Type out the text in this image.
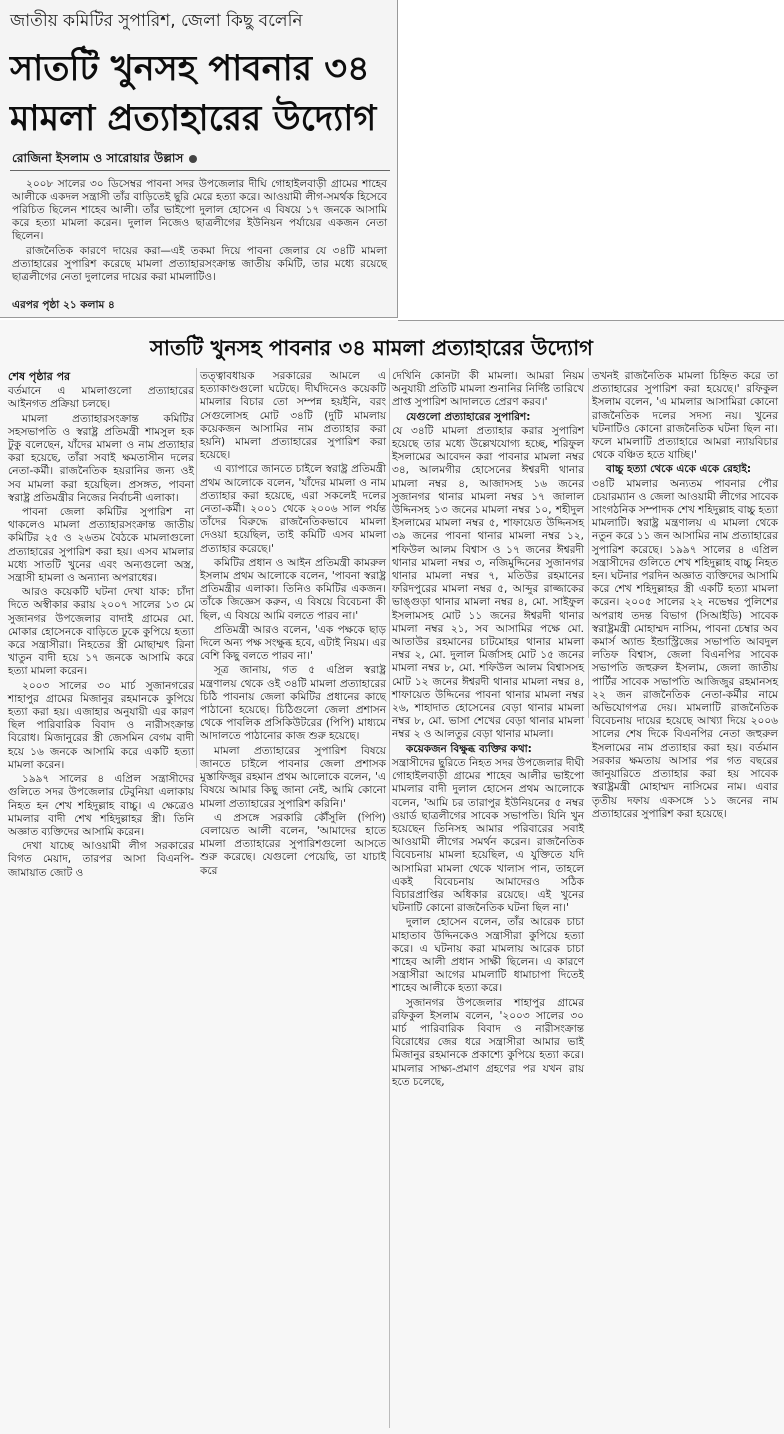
জাতীয় কমিটির সুপারিশ, জেলা কিছু বলেনি
সাতটি খুনসহ পাবনার ৩৪
মামলা প্রত্যাহারের উদ্যোগ
রোজিনা ইসলাম ও সারোয়ার উল্লাস

২০০৮ সালের ৩০ ডিসেম্বর পাবনা সদর উপজেলার দীঘি গোহাইলবাড়ী গ্রামের শাহেব আলীকে একদল সন্ত্রাসী তাঁর বাড়িতেই ছুরি মেরে হত্যা করে। আওয়ামী লীগ-সমর্থক হিসেবে পরিচিত ছিলেন শাহেব আলী। তাঁর ভাইপো দুলাল হোসেন এ বিষয়ে ১৭ জনকে আসামি করে হত্যা মামলা করেন। দুলাল নিজেও ছাত্রলীগের ইউনিয়ন পর্যায়ের একজন নেতা ছিলেন।

রাজনৈতিক কারণে দায়ের করা—এই তকমা দিয়ে পাবনা জেলার যে ৩৪টি মামলা প্রত্যাহারের সুপারিশ করেছে মামলা প্রত্যাহারসংক্রান্ত জাতীয় কমিটি, তার মধ্যে রয়েছে ছাত্রলীগের নেতা দুলালের দায়ের করা মামলাটিও।

এরপর পৃষ্ঠা ২১ কলাম ৪
সাতটি খুনসহ পাবনার ৩৪ মামলা প্রত্যাহারের উদ্যোগ
শেষ পৃষ্ঠার পর

বর্তমানে এ মামলাগুলো প্রত্যাহারের আইনগত প্রক্রিয়া চলছে।

মামলা প্রত্যাহারসংক্রান্ত কমিটির সহসভাপতি ও স্বরাষ্ট্র প্রতিমন্ত্রী শামসুল হক টুকু বলেছেন, যাঁদের মামলা ও নাম প্রত্যাহার করা হয়েছে, তাঁরা সবাই ক্ষমতাসীন দলের নেতা-কর্মী। রাজনৈতিক হয়রানির জন্য ওই সব মামলা করা হয়েছিল। প্রসঙ্গত, পাবনা স্বরাষ্ট্র প্রতিমন্ত্রীর নিজের নির্বাচনী এলাকা।

পাবনা জেলা কমিটির সুপারিশ না থাকলেও মামলা প্রত্যাহারসংক্রান্ত জাতীয় কমিটির ২৫ ও ২৬তম বৈঠকে মামলাগুলো প্রত্যাহারের সুপারিশ করা হয়। এসব মামলার মধ্যে সাতটি খুনের এবং অন্যগুলো অস্ত্র, সন্ত্রাসী হামলা ও অন্যান্য অপরাধের।

আরও কয়েকটি ঘটনা দেখা যাক: চাঁদা দিতে অস্বীকার করায় ২০০৭ সালের ১৩ মে সুজানগর উপজেলার বাদাই গ্রামের মো. মোকার হোসেনকে বাড়িতে ঢুকে কুপিয়ে হত্যা করে সন্ত্রাসীরা। নিহতের স্ত্রী মোছাম্মৎ রিনা খাতুন বাদী হয়ে ১৭ জনকে আসামি করে হত্যা মামলা করেন।

২০০৩ সালের ৩০ মার্চ সুজানগরের শাহাপুর গ্রামের মিজানুর রহমানকে কুপিয়ে হত্যা করা হয়। এজাহার অনুযায়ী এর কারণ ছিল পারিবারিক বিবাদ ও নারীসংক্রান্ত বিরোধ। মিজানুরের স্ত্রী জেসমিন বেগম বাদী হয়ে ১৬ জনকে আসামি করে একটি হত্যা মামলা করেন।

১৯৯৭ সালের ৪ এপ্রিল সন্ত্রাসীদের গুলিতে সদর উপজেলার টেবুনিয়া এলাকায় নিহত হন শেখ শহিদুল্লাহ বাচ্চু। এ ক্ষেত্রেও মামলার বাদী শেখ শহিদুল্লাহর স্ত্রী। তিনি অজ্ঞাত ব্যক্তিদের আসামি করেন।

দেখা যাচ্ছে আওয়ামী লীগ সরকারের বিগত মেয়াদ, তারপর আসা বিএনপি-জামায়াত জোট ও

তত্ত্বাবধায়ক সরকারের আমলে এ হত্যাকাণ্ডগুলো ঘটেছে। দীর্ঘদিনেও কয়েকটি মামলার বিচার তো সম্পন্ন হয়ইনি, বরং সেগুলোসহ মোট ৩৪টি (দুটি মামলায় কয়েকজন আসামির নাম প্রত্যাহার করা হয়নি) মামলা প্রত্যাহারের সুপারিশ করা হয়েছে।

এ ব্যাপারে জানতে চাইলে স্বরাষ্ট্র প্রতিমন্ত্রী প্রথম আলোকে বলেন, 'যাঁদের মামলা ও নাম প্রত্যাহার করা হয়েছে, এরা সকলেই দলের নেতা-কর্মী। ২০০১ থেকে ২০০৬ সাল পর্যন্ত তাঁদের বিরুদ্ধে রাজনৈতিকভাবে মামলা দেওয়া হয়েছিল, তাই কমিটি এসব মামলা প্রত্যাহার করেছে।'

কমিটির প্রধান ও আইন প্রতিমন্ত্রী কামরুল ইসলাম প্রথম আলোকে বলেন, 'পাবনা স্বরাষ্ট্র প্রতিমন্ত্রীর এলাকা। তিনিও কমিটির একজন। তাঁকে জিজ্ঞেস করুন, এ বিষয়ে বিবেচনা কী ছিল, এ বিষয়ে আমি বলতে পারব না।'

প্রতিমন্ত্রী আরও বলেন, 'এক পক্ষকে ছাড় দিলে অন্য পক্ষ সংক্ষুব্ধ হবে, এটাই নিয়ম। এর বেশি কিছু বলতে পারব না।'

সূত্র জানায়, গত ৫ এপ্রিল স্বরাষ্ট্র মন্ত্রণালয় থেকে ওই ৩৪টি মামলা প্রত্যাহারের চিঠি পাবনায় জেলা কমিটির প্রধানের কাছে পাঠানো হয়েছে। চিঠিগুলো জেলা প্রশাসন থেকে পাবলিক প্রসিকিউটরের (পিপি) মাধ্যমে আদালতে পাঠানোর কাজ শুরু হয়েছে।

মামলা প্রত্যাহারের সুপারিশ বিষয়ে জানতে চাইলে পাবনার জেলা প্রশাসক মুস্তাফিজুর রহমান প্রথম আলোকে বলেন, 'এ বিষয়ে আমার কিছু জানা নেই, আমি কোনো মামলা প্রত্যাহারের সুপারিশ করিনি।'

এ প্রসঙ্গে সরকারি কৌঁসুলি (পিপি) বেলায়েত আলী বলেন, 'আমাদের হাতে মামলা প্রত্যাহারের সুপারিশগুলো আসতে শুরু করেছে। যেগুলো পেয়েছি, তা যাচাই করে

দেখিনি কোনটা কী মামলা। আমরা নিয়ম অনুযায়ী প্রতিটি মামলা শুনানির নির্দিষ্ট তারিখে প্রাপ্ত সুপারিশ আদালতে প্রেরণ করব।'

যেগুলো প্রত্যাহারের সুপারিশ:

যে ৩৪টি মামলা প্রত্যাহার করার সুপারিশ হয়েছে তার মধ্যে উল্লেখযোগ্য হচ্ছে, শরিফুল ইসলামের আবেদন করা পাবনার মামলা নম্বর ৩৪, আলমগীর হোসেনের ঈশ্বরদী থানার মামলা নম্বর ৪, আজাদসহ ১৬ জনের সুজানগর থানার মামলা নম্বর ১৭ জালাল উদ্দিনসহ ১৩ জনের মামলা নম্বর ১০, শহীদুল ইসলামের মামলা নম্বর ৫, শাফায়েত উদ্দিনসহ ৩৯ জনের পাবনা থানার মামলা নম্বর ১২, শফিউল আলম বিশ্বাস ও ১৭ জনের ঈশ্বরদী থানার মামলা নম্বর ৩, নজিমুদ্দিনের সুজানগর থানার মামলা নম্বর ৭, মতিউর রহমানের ফরিদপুরের মামলা নম্বর ৫, আব্দুর রাজ্জাকের ভাঙ্গুড়া থানার মামলা নম্বর ৪, মো. সাইফুল ইসলামসহ মোট ১১ জনের ঈশ্বরদী থানার মামলা নম্বর ২১, সব আসামির পক্ষে মো. আতাউর রহমানের চাটমোহর থানার মামলা নম্বর ২, মো. দুলাল মির্জাসহ মোট ১৫ জনের মামলা নম্বর ৮, মো. শফিউল আলম বিশ্বাসসহ মোট ১২ জনের ঈশ্বরদী থানার মামলা নম্বর ৪, শাফায়েত উদ্দিনের পাবনা থানার মামলা নম্বর ২৬, শাহাদাত হোসেনের বেড়া থানার মামলা নম্বর ৮, মো. ভাসা শেখের বেড়া থানার মামলা নম্বর ২ ও আলতুর বেড়া থানার মামলা।

কয়েকজন বিক্ষুব্ধ ব্যক্তির কথা:

সন্ত্রাসীদের ছুরিতে নিহত সদর উপজেলার দীঘী গোহাইলবাড়ী গ্রামের শাহেব আলীর ভাইপো মামলার বাদী দুলাল হোসেন প্রথম আলোকে বলেন, 'আমি চর তারাপুর ইউনিয়নের ৫ নম্বর ওয়ার্ড ছাত্রলীগের সাবেক সভাপতি। যিনি খুন হয়েছেন তিনিসহ আমার পরিবারের সবাই আওয়ামী লীগের সমর্থন করেন। রাজনৈতিক বিবেচনায় মামলা হয়েছিল, এ যুক্তিতে যদি আসামিরা মামলা থেকে খালাস পান, তাহলে একই বিবেচনায় আমাদেরও সঠিক বিচারপ্রাপ্তির অধিকার রয়েছে। এই খুনের ঘটনাটি কোনো রাজনৈতিক ঘটনা ছিল না।'

দুলাল হোসেন বলেন, তাঁর আরেক চাচা মাহাতাব উদ্দিনকেও সন্ত্রাসীরা কুপিয়ে হত্যা করে। এ ঘটনায় করা মামলায় আরেক চাচা শাহেব আলী প্রধান সাক্ষী ছিলেন। এ কারণে সন্ত্রাসীরা আগের মামলাটি ধামাচাপা দিতেই শাহেব আলীকে হত্যা করে।

সুজানগর উপজেলার শাহাপুর গ্রামের রফিকুল ইসলাম বলেন, '২০০৩ সালের ৩০ মার্চ পারিবারিক বিবাদ ও নারীসংক্রান্ত বিরোধের জের ধরে সন্ত্রাসীরা আমার ভাই মিজানুর রহমানকে প্রকাশ্যে কুপিয়ে হত্যা করে। মামলার সাক্ষ্য-প্রমাণ গ্রহণের পর যখন রায় হতে চলেছে,

তখনই রাজনৈতিক মামলা চিহ্নিত করে তা প্রত্যাহারের সুপারিশ করা হয়েছে।' রফিকুল ইসলাম বলেন, 'এ মামলার আসামিরা কোনো রাজনৈতিক দলের সদস্য নয়। খুনের ঘটনাটিও কোনো রাজনৈতিক ঘটনা ছিল না। ফলে মামলাটি প্রত্যাহারে আমরা ন্যায়বিচার থেকে বঞ্চিত হতে যাচ্ছি।'

বাচ্চু হত্যা থেকে একে একে রেহাই:

৩৪টি মামলার অন্যতম পাবনার পৌর চেয়ারম্যান ও জেলা আওয়ামী লীগের সাবেক সাংগঠনিক সম্পাদক শেখ শহিদুল্লাহ বাচ্চু হত্যা মামলাটি। স্বরাষ্ট্র মন্ত্রণালয় এ মামলা থেকে নতুন করে ১১ জন আসামির নাম প্রত্যাহারের সুপারিশ করেছে। ১৯৯৭ সালের ৪ এপ্রিল সন্ত্রাসীদের গুলিতে শেখ শহিদুল্লাহ বাচ্চু নিহত হন। ঘটনার পরদিন অজ্ঞাত ব্যক্তিদের আসামি করে শেখ শহিদুল্লাহর স্ত্রী একটি হত্যা মামলা করেন। ২০০৫ সালের ২২ নভেম্বর পুলিশের অপরাধ তদন্ত বিভাগ (সিআইডি) সাবেক স্বরাষ্ট্রমন্ত্রী মোহাম্মদ নাসিম, পাবনা চেম্বার অব কমার্স অ্যান্ড ইন্ডাস্ট্রিজের সভাপতি আবদুল লতিফ বিশ্বাস, জেলা বিএনপির সাবেক সভাপতি জহুরুল ইসলাম, জেলা জাতীয় পার্টির সাবেক সভাপতি আজিজুর রহমানসহ ২২ জন রাজনৈতিক নেতা-কর্মীর নামে অভিযোগপত্র দেয়। মামলাটি রাজনৈতিক বিবেচনায় দায়ের হয়েছে আখ্যা দিয়ে ২০০৬ সালের শেষ দিকে বিএনপির নেতা জহুরুল ইসলামের নাম প্রত্যাহার করা হয়। বর্তমান সরকার ক্ষমতায় আসার পর গত বছরের জানুয়ারিতে প্রত্যাহার করা হয় সাবেক স্বরাষ্ট্রমন্ত্রী মোহাম্মদ নাসিমের নাম। এবার তৃতীয় দফায় একসঙ্গে ১১ জনের নাম প্রত্যাহারের সুপারিশ করা হয়েছে।
